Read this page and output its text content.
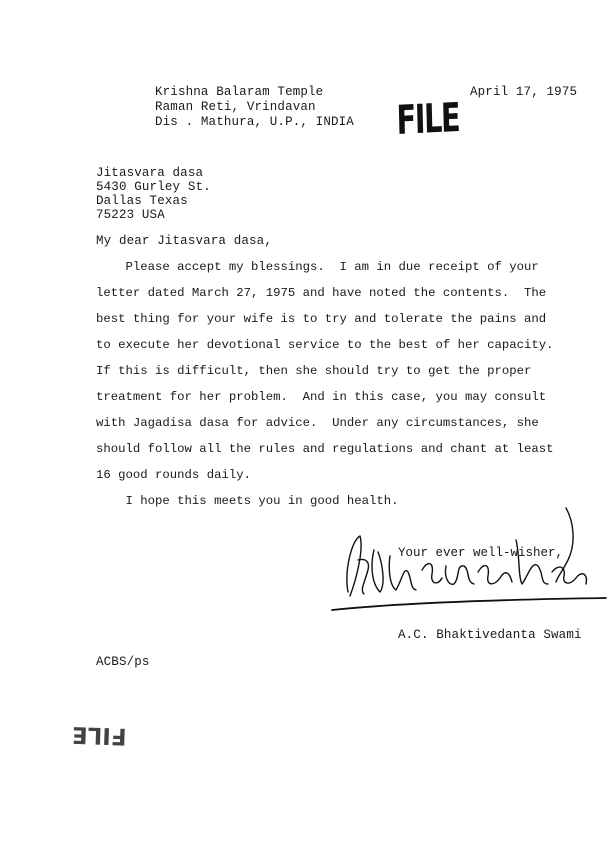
Krishna Balaram Temple
Raman Reti, Vrindavan
Dis . Mathura, U.P., INDIA
April 17, 1975
FILE
Jitasvara dasa
5430 Gurley St.
Dallas Texas
75223 USA
My dear Jitasvara dasa,
Please accept my blessings.  I am in due receipt of your
letter dated March 27, 1975 and have noted the contents.  The
best thing for your wife is to try and tolerate the pains and
to execute her devotional service to the best of her capacity.
If this is difficult, then she should try to get the proper
treatment for her problem.  And in this case, you may consult
with Jagadisa dasa for advice.  Under any circumstances, she
should follow all the rules and regulations and chant at least
16 good rounds daily.
I hope this meets you in good health.
Your ever well-wisher,
A.C. Bhaktivedanta Swami
ACBS/ps
FILE
